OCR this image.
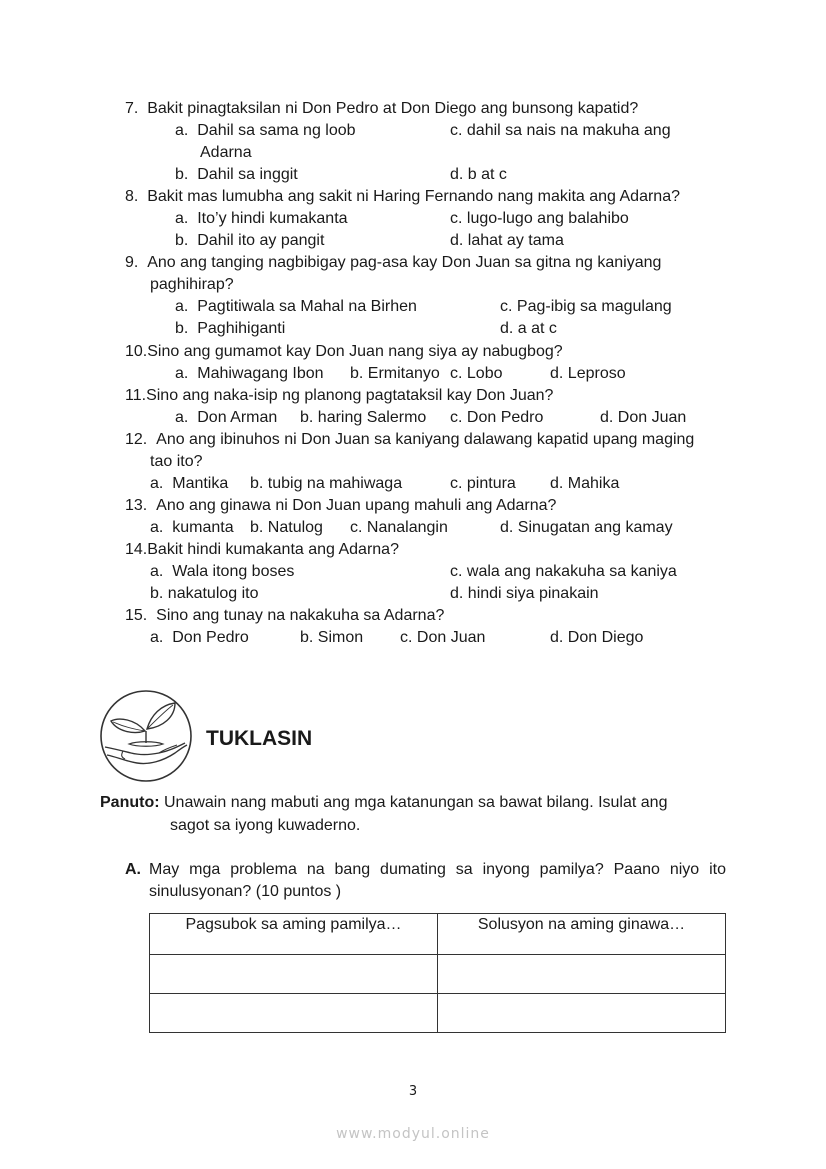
7. Bakit pinagtaksilan ni Don Pedro at Don Diego ang bunsong kapatid?
a. Dahil sa sama ng loob	c. dahil sa nais na makuha ang
Adarna
b. Dahil sa inggit	d. b at c
8. Bakit mas lumubha ang sakit ni Haring Fernando nang makita ang Adarna?
a. Ito’y hindi kumakanta	c. lugo-lugo ang balahibo
b. Dahil ito ay pangit	d. lahat ay tama
9. Ano ang tanging nagbibigay pag-asa kay Don Juan sa gitna ng kaniyang
paghihirap?
a. Pagtitiwala sa Mahal na Birhen	c. Pag-ibig sa magulang
b. Paghihiganti	d. a at c
10.Sino ang gumamot kay Don Juan nang siya ay nabugbog?
a. Mahiwagang Ibon b. Ermitanyo c. Lobo	d. Leproso
11.Sino ang naka-isip ng planong pagtataksil kay Don Juan?
a. Don Arman b. haring Salermo c. Don Pedro	d. Don Juan
12. Ano ang ibinuhos ni Don Juan sa kaniyang dalawang kapatid upang maging
tao ito?
a. Mantika b. tubig na mahiwaga	c. pintura d. Mahika
13. Ano ang ginawa ni Don Juan upang mahuli ang Adarna?
a. kumanta b. Natulog c. Nanalangin	d. Sinugatan ang kamay
14.Bakit hindi kumakanta ang Adarna?
a. Wala itong boses	c. wala ang nakakuha sa kaniya
b. nakatulog ito	d. hindi siya pinakain
15. Sino ang tunay na nakakuha sa Adarna?
a. Don Pedro	b. Simon c. Don Juan	d. Don Diego
TUKLASIN
Panuto: Unawain nang mabuti ang mga katanungan sa bawat bilang. Isulat ang
sagot sa iyong kuwaderno.
A. May mga problema na bang dumating sa inyong pamilya? Paano niyo ito
sinulusyonan? (10 puntos )
Pagsubok sa aming pamilya…	Solusyon na aming ginawa…

3
www.modyul.online
